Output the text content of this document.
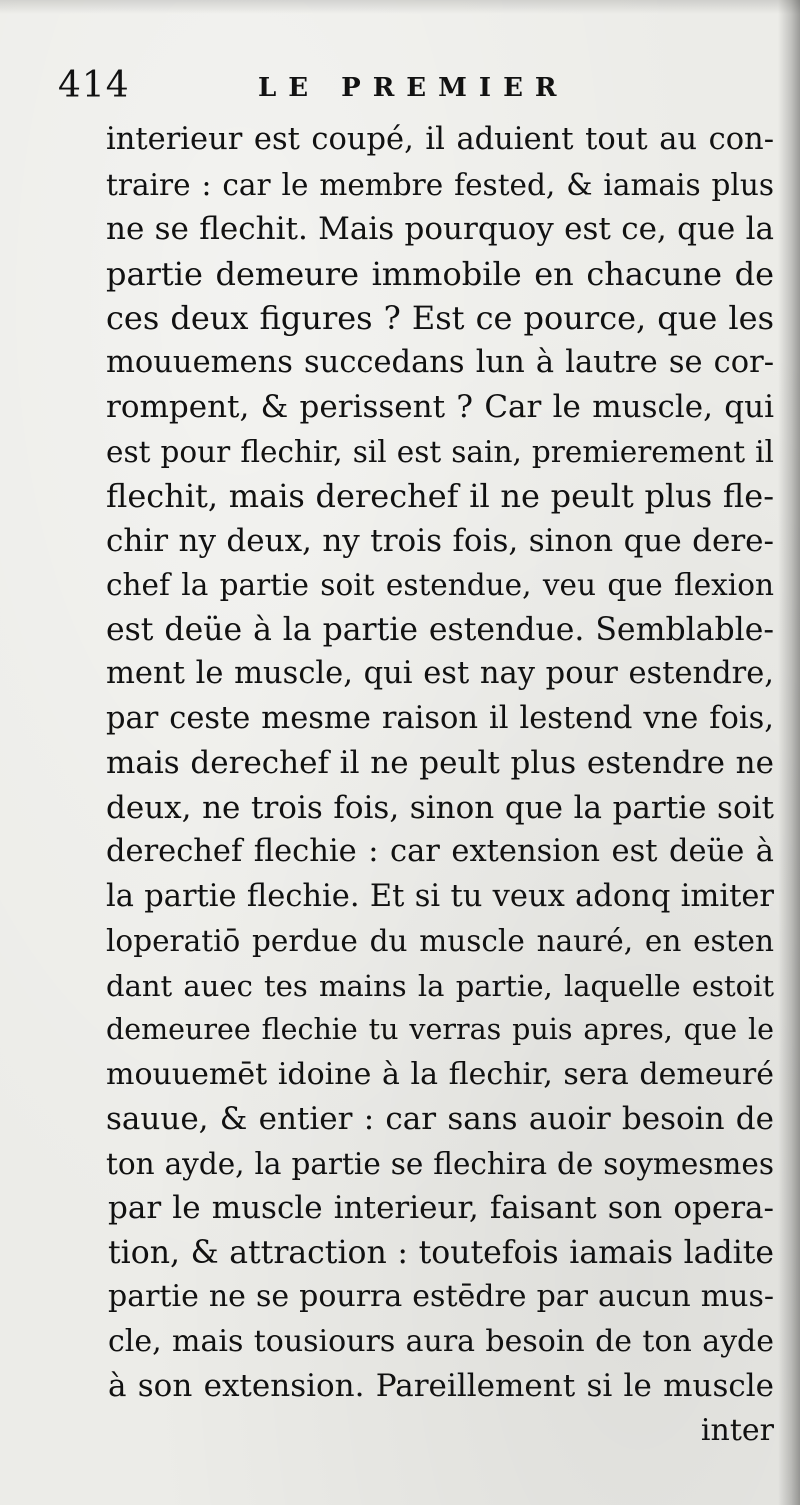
414	LE PREMIER
interieur est coupé, il aduient tout au con-
traire : car le membre fested, & iamais plus
ne se flechit. Mais pourquoy est ce, que la
partie demeure immobile en chacune de
ces deux figures ? Est ce pource, que les
mouuemens succedans lun à lautre se cor-
rompent, & perissent ? Car le muscle, qui
est pour flechir, sil est sain, premierement il
flechit, mais derechef il ne peult plus fle-
chir ny deux, ny trois fois, sinon que dere-
chef la partie soit estendue, veu que flexion
est deüe à la partie estendue. Semblable-
ment le muscle, qui est nay pour estendre,
par ceste mesme raison il lestend vne fois,
mais derechef il ne peult plus estendre ne
deux, ne trois fois, sinon que la partie soit
derechef flechie : car extension est deüe à
la partie flechie. Et si tu veux adonq imiter
loperatiō perdue du muscle nauré, en esten
dant auec tes mains la partie, laquelle estoit
demeuree flechie tu verras puis apres, que le
mouuemēt idoine à la flechir, sera demeuré
sauue, & entier : car sans auoir besoin de
ton ayde, la partie se flechira de soymesmes
par le muscle interieur, faisant son opera-
tion, & attraction : toutefois iamais ladite
partie ne se pourra estēdre par aucun mus-
cle, mais tousiours aura besoin de ton ayde
à son extension. Pareillement si le muscle
inter
